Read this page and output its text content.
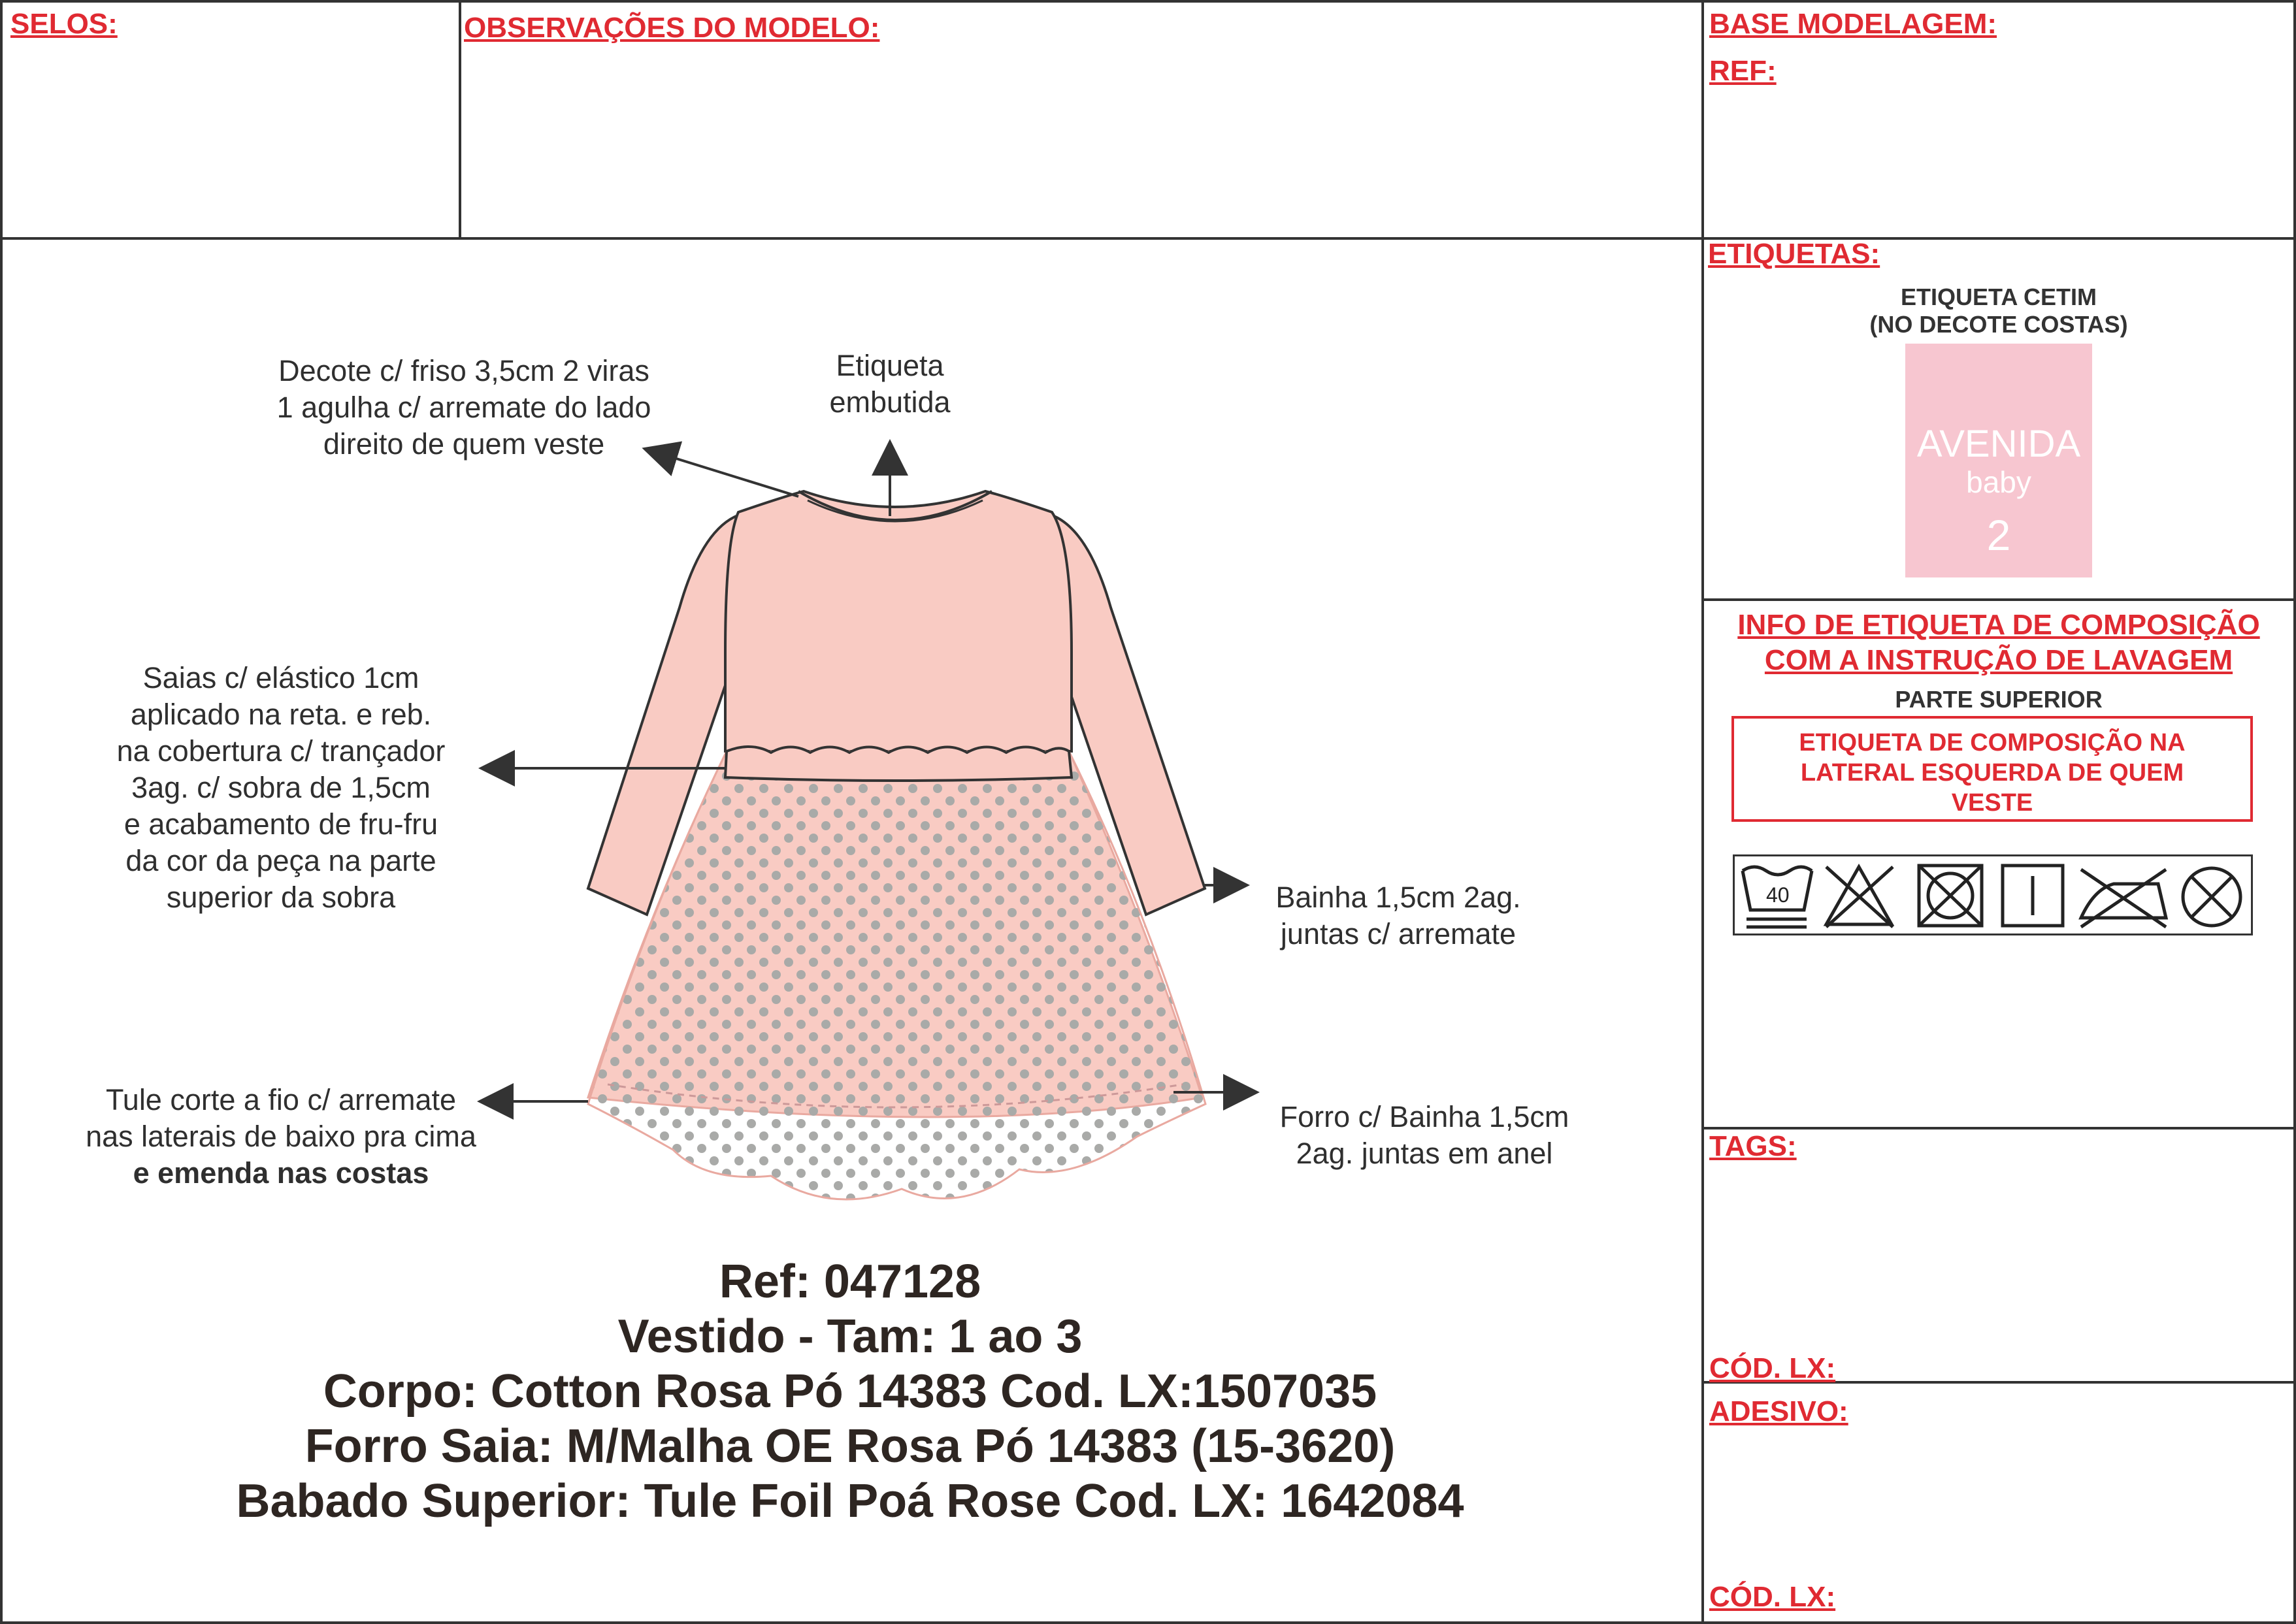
SELOS:	OBSERVAÇÕES DO MODELO:	BASE MODELAGEM:
REF:
ETIQUETAS:
ETIQUETA CETIM
(NO DECOTE COSTAS)
AVENIDA
baby
2
INFO DE ETIQUETA DE COMPOSIÇÃO
COM A INSTRUÇÃO DE LAVAGEM
PARTE SUPERIOR
ETIQUETA DE COMPOSIÇÃO NA
LATERAL ESQUERDA DE QUEM
VESTE
40
TAGS:
CÓD. LX:
ADESIVO:
CÓD. LX:
Decote c/ friso 3,5cm 2 viras
1 agulha c/ arremate do lado
direito de quem veste
Etiqueta
embutida
Saias c/ elástico 1cm
aplicado na reta. e reb.
na cobertura c/ trançador
3ag. c/ sobra de 1,5cm
e acabamento de fru-fru
da cor da peça na parte
superior da sobra	Bainha 1,5cm 2ag.
juntas c/ arremate
Tule corte a fio c/ arremate
nas laterais de baixo pra cima
e emenda nas costas
Forro c/ Bainha 1,5cm
2ag. juntas em anel
Ref: 047128
Vestido - Tam: 1 ao 3
Corpo: Cotton Rosa Pó 14383 Cod. LX:1507035
Forro Saia: M/Malha OE Rosa Pó 14383 (15-3620)
Babado Superior: Tule Foil Poá Rose Cod. LX: 1642084
